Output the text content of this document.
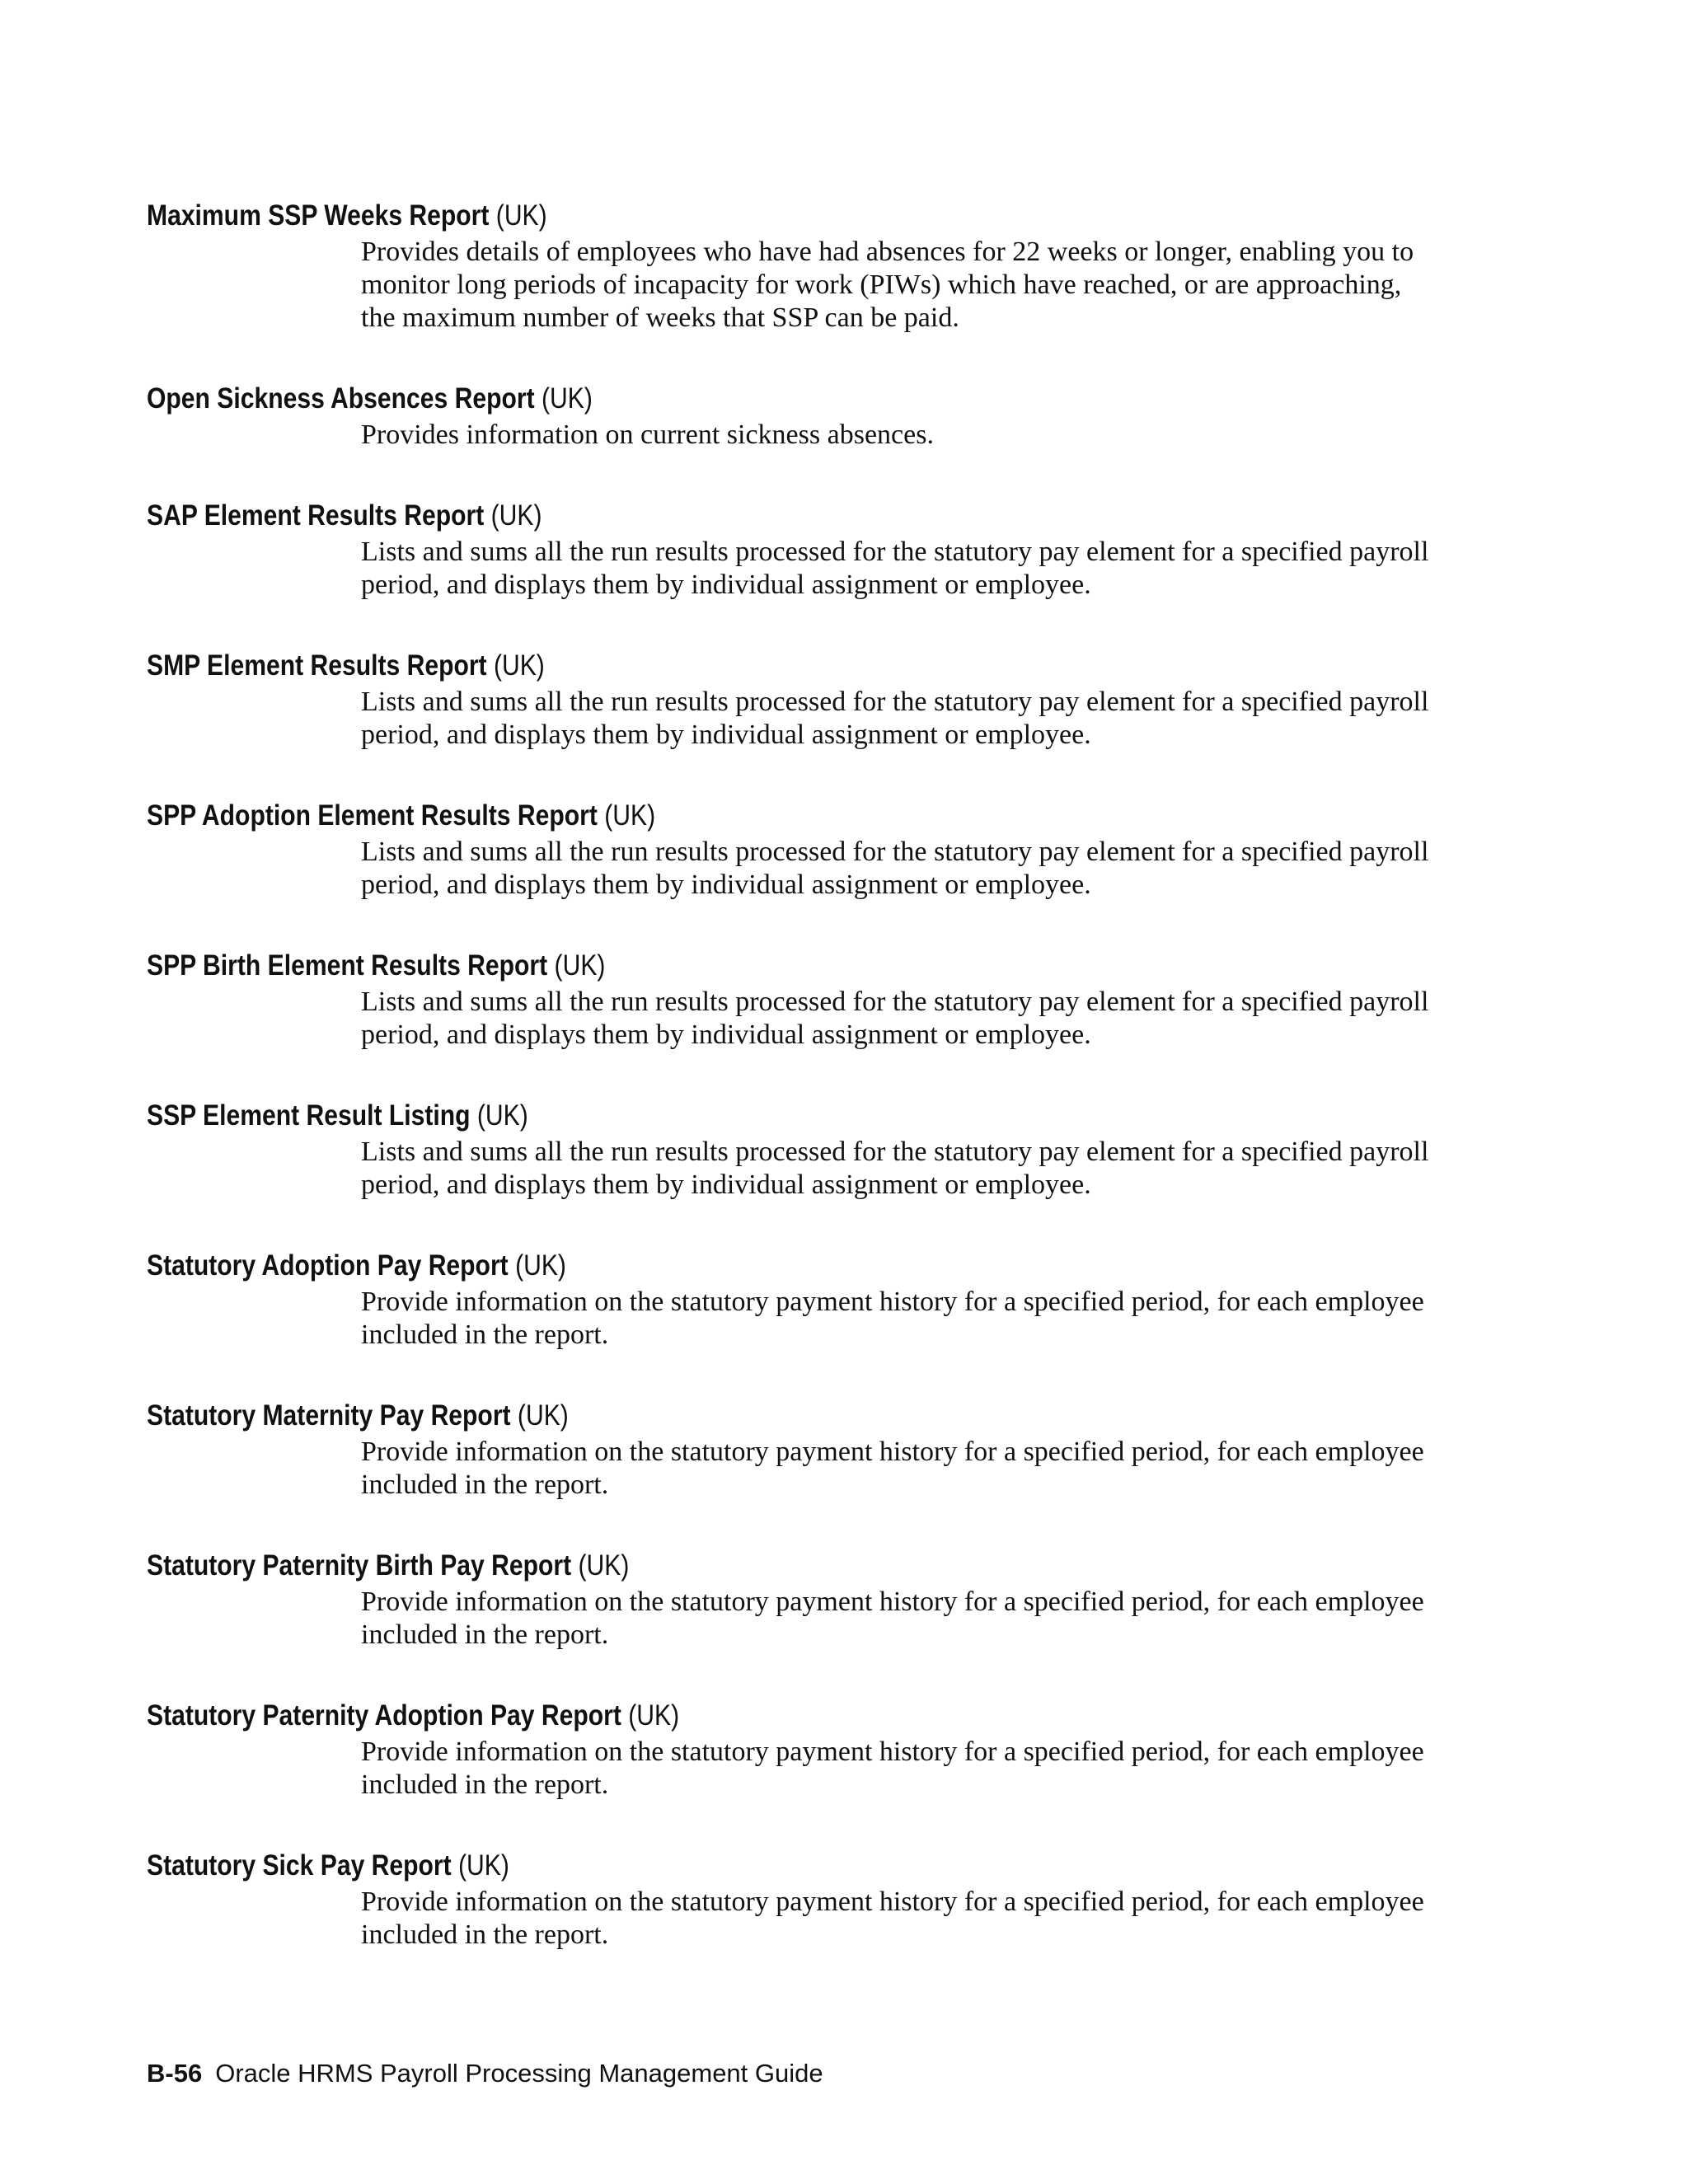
Maximum SSP Weeks Report (UK)
Provides details of employees who have had absences for 22 weeks or longer, enabling you to monitor long periods of incapacity for work (PIWs) which have reached, or are approaching, the maximum number of weeks that SSP can be paid.
Open Sickness Absences Report (UK)
Provides information on current sickness absences.
SAP Element Results Report (UK)
Lists and sums all the run results processed for the statutory pay element for a specified payroll period, and displays them by individual assignment or employee.
SMP Element Results Report (UK)
Lists and sums all the run results processed for the statutory pay element for a specified payroll period, and displays them by individual assignment or employee.
SPP Adoption Element Results Report (UK)
Lists and sums all the run results processed for the statutory pay element for a specified payroll period, and displays them by individual assignment or employee.
SPP Birth Element Results Report (UK)
Lists and sums all the run results processed for the statutory pay element for a specified payroll period, and displays them by individual assignment or employee.
SSP Element Result Listing (UK)
Lists and sums all the run results processed for the statutory pay element for a specified payroll period, and displays them by individual assignment or employee.
Statutory Adoption Pay Report (UK)
Provide information on the statutory payment history for a specified period, for each employee included in the report.
Statutory Maternity Pay Report (UK)
Provide information on the statutory payment history for a specified period, for each employee included in the report.
Statutory Paternity Birth Pay Report (UK)
Provide information on the statutory payment history for a specified period, for each employee included in the report.
Statutory Paternity Adoption Pay Report (UK)
Provide information on the statutory payment history for a specified period, for each employee included in the report.
Statutory Sick Pay Report (UK)
Provide information on the statutory payment history for a specified period, for each employee included in the report.
B-56 Oracle HRMS Payroll Processing Management Guide
